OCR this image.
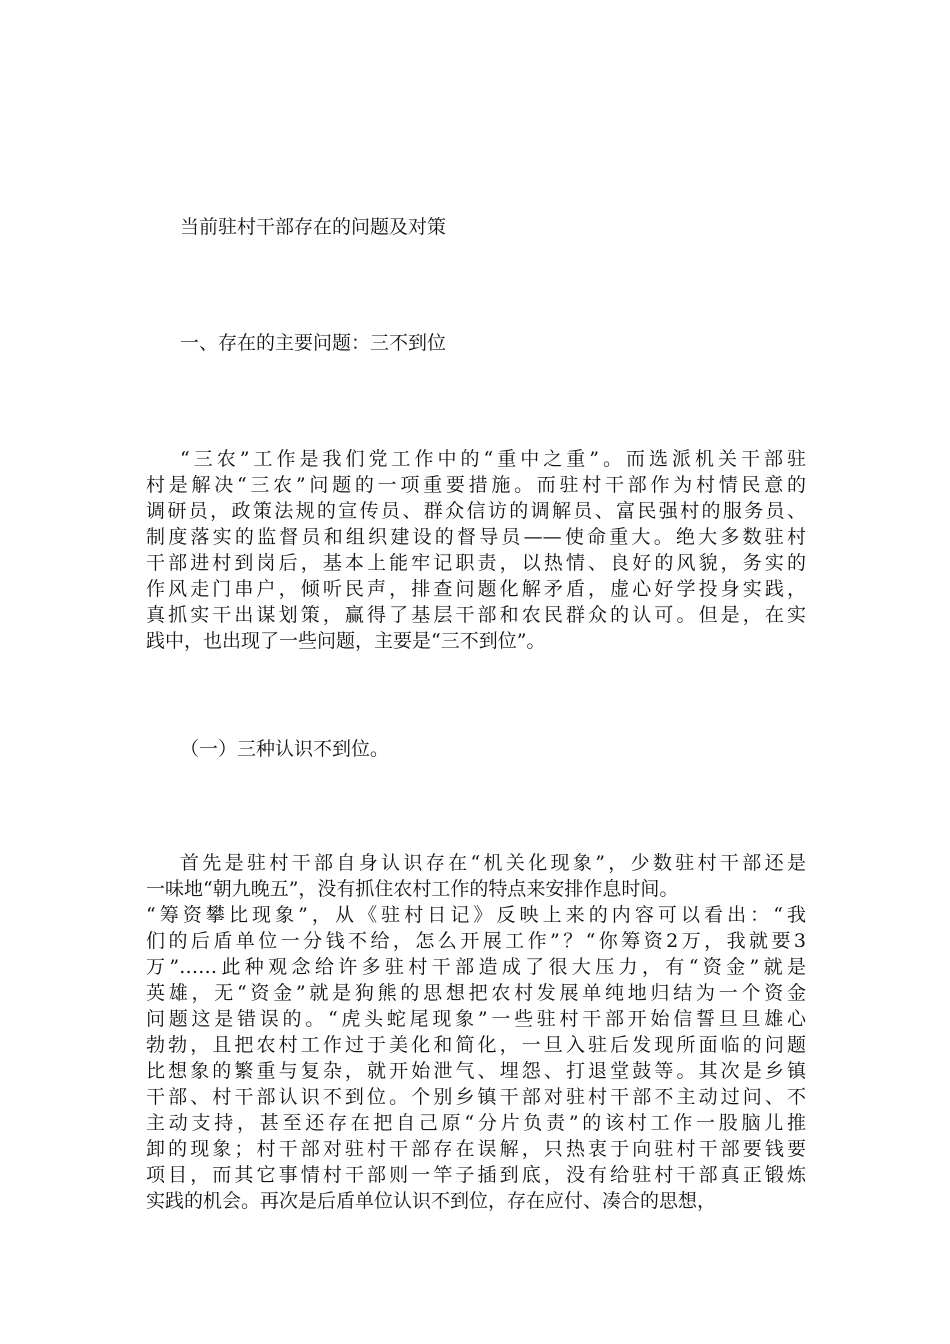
当前驻村干部存在的问题及对策
一、存在的主要问题：三不到位
“三农”工作是我们党工作中的“重中之重”。而选派机关干部驻
村是解决“三农”问题的一项重要措施。而驻村干部作为村情民意的
调研员，政策法规的宣传员、群众信访的调解员、富民强村的服务员、
制度落实的监督员和组织建设的督导员——使命重大。绝大多数驻村
干部进村到岗后，基本上能牢记职责，以热情、良好的风貌，务实的
作风走门串户，倾听民声，排查问题化解矛盾，虚心好学投身实践，
真抓实干出谋划策，赢得了基层干部和农民群众的认可。但是，在实
践中，也出现了一些问题，主要是“三不到位”。
（一）三种认识不到位。
首先是驻村干部自身认识存在“机关化现象”，少数驻村干部还是
一味地“朝九晚五”，没有抓住农村工作的特点来安排作息时间。
“筹资攀比现象”，从《驻村日记》反映上来的内容可以看出：“我
们的后盾单位一分钱不给，怎么开展工作”？“你筹资2万，我就要3
万”……此种观念给许多驻村干部造成了很大压力，有“资金”就是
英雄，无“资金”就是狗熊的思想把农村发展单纯地归结为一个资金
问题这是错误的。“虎头蛇尾现象”一些驻村干部开始信誓旦旦雄心
勃勃，且把农村工作过于美化和简化，一旦入驻后发现所面临的问题
比想象的繁重与复杂，就开始泄气、埋怨、打退堂鼓等。其次是乡镇
干部、村干部认识不到位。个别乡镇干部对驻村干部不主动过问、不
主动支持，甚至还存在把自己原“分片负责”的该村工作一股脑儿推
卸的现象；村干部对驻村干部存在误解，只热衷于向驻村干部要钱要
项目，而其它事情村干部则一竿子插到底，没有给驻村干部真正锻炼
实践的机会。再次是后盾单位认识不到位，存在应付、凑合的思想，
